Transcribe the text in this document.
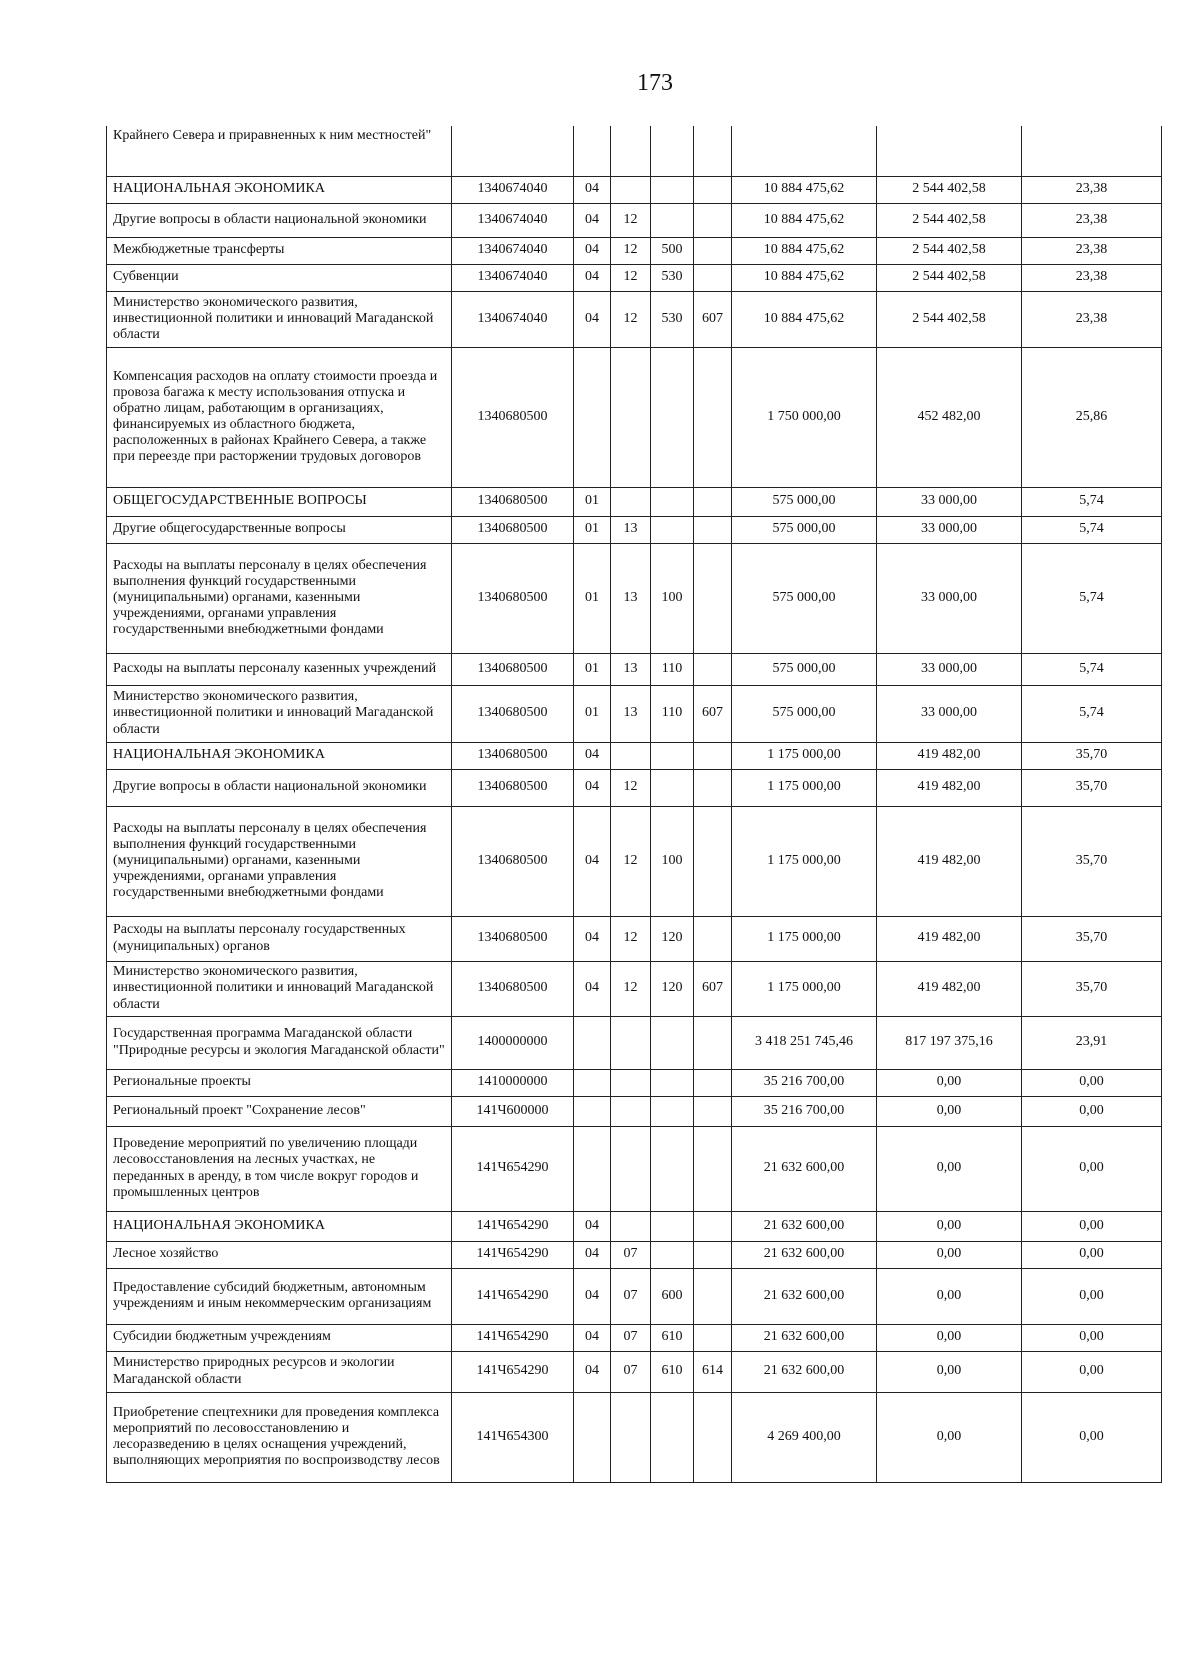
173
Крайнего Севера и приравненных к ним местностей"								
НАЦИОНАЛЬНАЯ ЭКОНОМИКА	1340674040	04				10 884 475,62	2 544 402,58	23,38
Другие вопросы в области национальной экономики	1340674040	04	12			10 884 475,62	2 544 402,58	23,38
Межбюджетные трансферты	1340674040	04	12	500		10 884 475,62	2 544 402,58	23,38
Субвенции	1340674040	04	12	530		10 884 475,62	2 544 402,58	23,38
Министерство экономического развития, инвестиционной политики и инноваций Магаданской области	1340674040	04	12	530	607	10 884 475,62	2 544 402,58	23,38
Компенсация расходов на оплату стоимости проезда и провоза багажа к месту использования отпуска и обратно лицам, работающим в организациях, финансируемых из областного бюджета, расположенных в районах Крайнего Севера, а также при переезде при расторжении трудовых договоров	1340680500					1 750 000,00	452 482,00	25,86
ОБЩЕГОСУДАРСТВЕННЫЕ ВОПРОСЫ	1340680500	01				575 000,00	33 000,00	5,74
Другие общегосударственные вопросы	1340680500	01	13			575 000,00	33 000,00	5,74
Расходы на выплаты персоналу в целях обеспечения выполнения функций государственными (муниципальными) органами, казенными учреждениями, органами управления государственными внебюджетными фондами	1340680500	01	13	100		575 000,00	33 000,00	5,74
Расходы на выплаты персоналу казенных учреждений	1340680500	01	13	110		575 000,00	33 000,00	5,74
Министерство экономического развития, инвестиционной политики и инноваций Магаданской области	1340680500	01	13	110	607	575 000,00	33 000,00	5,74
НАЦИОНАЛЬНАЯ ЭКОНОМИКА	1340680500	04				1 175 000,00	419 482,00	35,70
Другие вопросы в области национальной экономики	1340680500	04	12			1 175 000,00	419 482,00	35,70
Расходы на выплаты персоналу в целях обеспечения выполнения функций государственными (муниципальными) органами, казенными учреждениями, органами управления государственными внебюджетными фондами	1340680500	04	12	100		1 175 000,00	419 482,00	35,70
Расходы на выплаты персоналу государственных (муниципальных) органов	1340680500	04	12	120		1 175 000,00	419 482,00	35,70
Министерство экономического развития, инвестиционной политики и инноваций Магаданской области	1340680500	04	12	120	607	1 175 000,00	419 482,00	35,70
Государственная программа Магаданской области "Природные ресурсы и экология Магаданской области"	1400000000					3 418 251 745,46	817 197 375,16	23,91
Региональные проекты	1410000000					35 216 700,00	0,00	0,00
Региональный проект "Сохранение лесов"	141Ч600000					35 216 700,00	0,00	0,00
Проведение мероприятий по увеличению площади лесовосстановления на лесных участках, не переданных в аренду, в том числе вокруг городов и промышленных центров	141Ч654290					21 632 600,00	0,00	0,00
НАЦИОНАЛЬНАЯ ЭКОНОМИКА	141Ч654290	04				21 632 600,00	0,00	0,00
Лесное хозяйство	141Ч654290	04	07			21 632 600,00	0,00	0,00
Предоставление субсидий бюджетным, автономным учреждениям и иным некоммерческим организациям	141Ч654290	04	07	600		21 632 600,00	0,00	0,00
Субсидии бюджетным учреждениям	141Ч654290	04	07	610		21 632 600,00	0,00	0,00
Министерство природных ресурсов и экологии Магаданской области	141Ч654290	04	07	610	614	21 632 600,00	0,00	0,00
Приобретение спецтехники для проведения комплекса мероприятий по лесовосстановлению и лесоразведению в целях оснащения учреждений, выполняющих мероприятия по воспроизводству лесов	141Ч654300					4 269 400,00	0,00	0,00
